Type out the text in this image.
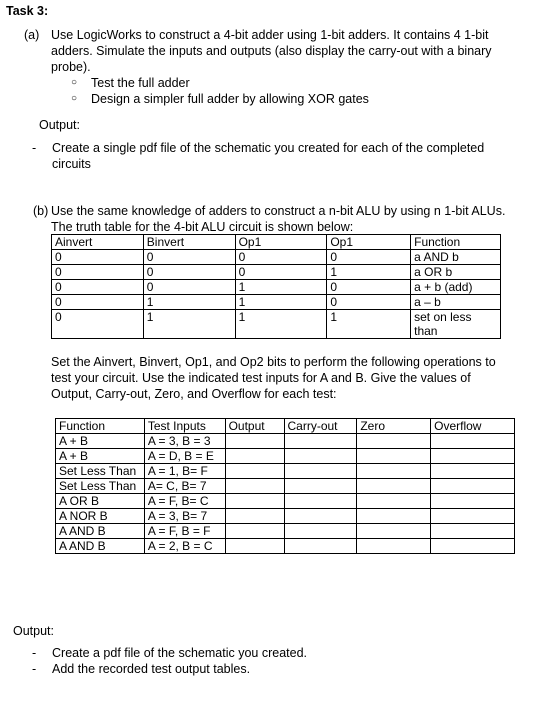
Task 3:
(a) Use LogicWorks to construct a 4-bit adder using 1-bit adders. It contains 4 1-bit adders. Simulate the inputs and outputs (also display the carry-out with a binary probe).
○ Test the full adder
○ Design a simpler full adder by allowing XOR gates
Output:
- Create a single pdf file of the schematic you created for each of the completed circuits
(b) Use the same knowledge of adders to construct a n-bit ALU by using n 1-bit ALUs. The truth table for the 4-bit ALU circuit is shown below:
Ainvert	Binvert	Op1	Op1	Function
0	0	0	0	a AND b
0	0	0	1	a OR b
0	0	1	0	a + b (add)
0	1	1	0	a – b
0	1	1	1	set on less than
Set the Ainvert, Binvert, Op1, and Op2 bits to perform the following operations to test your circuit. Use the indicated test inputs for A and B. Give the values of Output, Carry-out, Zero, and Overflow for each test:
Function	Test Inputs	Output	Carry-out	Zero	Overflow
A + B	A = 3, B = 3				
A + B	A = D, B = E				
Set Less Than	A = 1, B= F				
Set Less Than	A= C, B= 7				
A OR B	A = F, B= C				
A NOR B	A = 3, B= 7				
A AND B	A = F, B = F				
A AND B	A = 2, B = C				
Output:
- Create a pdf file of the schematic you created.
- Add the recorded test output tables.
